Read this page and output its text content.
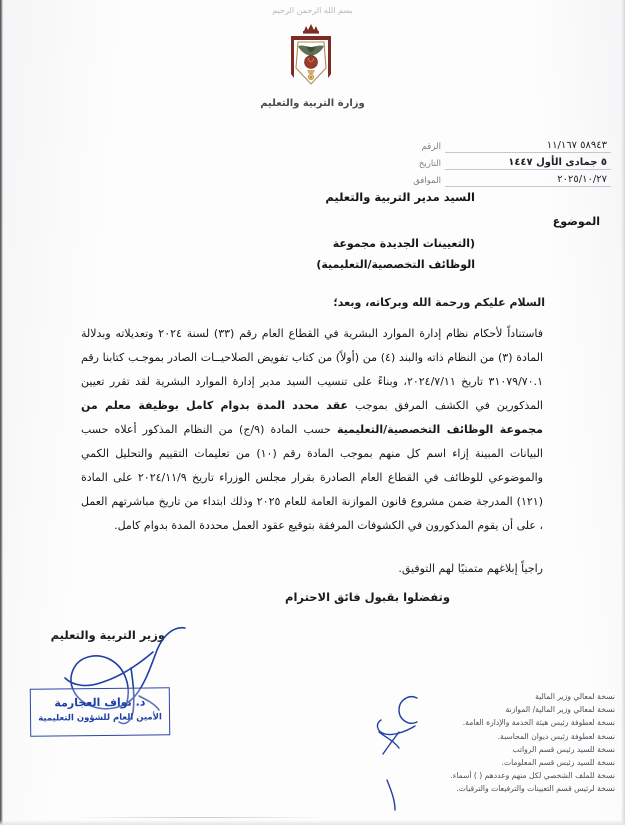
بسم الله الرحمن الرحيم
وزارة التربية والتعليم
٥٨٩٤٣ ١١/١٦٧
الرقم
٥ جمادى الأول ١٤٤٧
التاريخ
٢٠٢٥/١٠/٢٧
الموافق
السيد مدير التربية والتعليم
الموضوع
(التعيينات الجديدة مجموعة
الوظائف التخصصية/التعليمية)
السلام عليكم ورحمة الله وبركاته، وبعد؛

فاستناداً لأحكام نظام إدارة الموارد البشرية في القطاع العام رقم (٣٣) لسنة ٢٠٢٤ وتعديلاته وبدلالة المادة (٣) من النظام ذاته والبند (٤) من (أولاً) من كتاب تفويض الصلاحيــات الصادر بموجـب كتابنا رقم ٣١٠٧٩/٧٠.١ تاريخ ٢٠٢٤/٧/١١، وبناءً على تنسيب السيد مدير إدارة الموارد البشرية لقد تقرر تعيين المذكورين في الكشف المرفق بموجب عقد محدد المدة بدوام كامل بوظيفة معلم من مجموعة الوظائف التخصصية/التعليمية حسب المادة (٩/ج) من النظام المذكور أعلاه حسب البيانات المبينة إزاء اسم كل منهم بموجب المادة رقم (١٠) من تعليمات التقييم والتحليل الكمي والموضوعي للوظائف في القطاع العام الصادرة بقرار مجلس الوزراء تاريخ ٢٠٢٤/١١/٩ على المادة (١٢١) المدرجة ضمن مشروع قانون الموازنة العامة للعام ٢٠٢٥ وذلك ابتداء من تاريخ مباشرتهم العمل ، على أن يقوم المذكورون في الكشوفات المرفقة بتوقيع عقود العمل محددة المدة بدوام كامل.

راجياً إبلاغهم متمنيًا لهم التوفيق.
وتفضلوا بقبول فائق الاحترام
وزير التربية والتعليم
د. نواف العجارمة
الأمين العام للشؤون التعليمية
نسخة لمعالي وزير المالية
نسخة لمعالي وزير المالية/ الموازنة
نسخة لعطوفة رئيس هيئة الخدمة والإدارة العامة.
نسخة لعطوفة رئيس ديوان المحاسبة.
نسخة للسيد رئيس قسم الرواتب
نسخة للسيد رئيس قسم المعلومات.
نسخة للملف الشخصي لكل منهم وعددهم ( ) أسماء.
نسخة لرئيس قسم التعيينات والترفيعات والترقيات.
